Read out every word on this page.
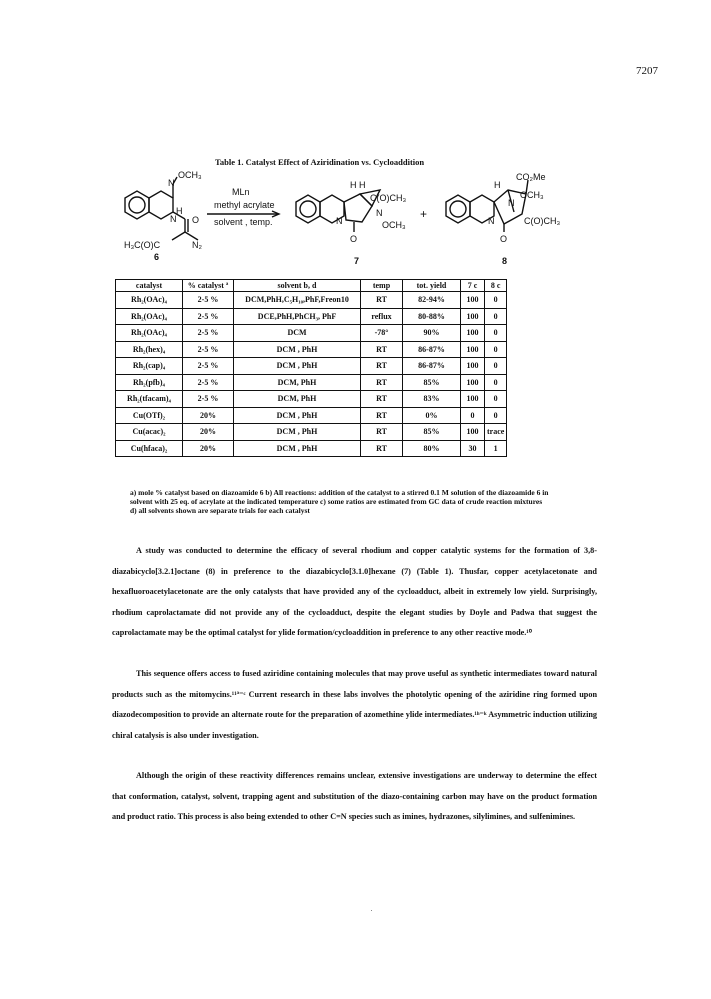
7207
Table 1. Catalyst Effect of Aziridination vs. Cycloaddition
OCH₃
N
H
O
N
H₃C(O)C	N₂
MLn
methyl acrylate
solvent , temp.
H H
C(O)CH₃
N
OCH₃
N
O
+
CO₂Me
H
OCH₃
N
N	C(O)CH₃
O
6	7	8
catalyst	% catalyst ª	solvent b, d	temp	tot. yield	7 c	8 c
Rh₂(OAc)₄	2-5 %	DCM,PhH,C₅H₁₀,PhF,Freon10	RT	82-94%	100	0
Rh₂(OAc)₄	2-5 %	DCE,PhH,PhCH₃, PhF	reflux	80-88%	100	0
Rh₂(OAc)₄	2-5 %	DCM	-78°	90%	100	0
Rh₂(hex)₄	2-5 %	DCM , PhH	RT	86-87%	100	0
Rh₂(cap)₄	2-5 %	DCM , PhH	RT	86-87%	100	0
Rh₂(pfb)₄	2-5 %	DCM, PhH	RT	85%	100	0
Rh₂(tfacam)₄	2-5 %	DCM, PhH	RT	83%	100	0
Cu(OTf)₂	20%	DCM , PhH	RT	0%	0	0
Cu(acac)₂	20%	DCM , PhH	RT	85%	100	trace
Cu(hfaca)₂	20%	DCM , PhH	RT	80%	30	1
a) mole % catalyst based on diazoamide 6 b) All reactions: addition of the catalyst to a stirred 0.1 M solution of the diazoamide 6 in solvent with 25 eq. of acrylate at the indicated temperature c) some ratios are estimated from GC data of crude reaction mixtures d) all solvents shown are separate trials for each catalyst

A study was conducted to determine the efficacy of several rhodium and copper catalytic systems for the formation of 3,8-diazabicyclo[3.2.1]octane (8) in preference to the diazabicyclo[3.1.0]hexane (7) (Table 1). Thusfar, copper acetylacetonate and hexafluoroacetylacetonate are the only catalysts that have provided any of the cycloadduct, albeit in extremely low yield. Surprisingly, rhodium caprolactamate did not provide any of the cycloadduct, despite the elegant studies by Doyle and Padwa that suggest the caprolactamate may be the optimal catalyst for ylide formation/cycloaddition in preference to any other reactive mode.¹⁰

This sequence offers access to fused aziridine containing molecules that may prove useful as synthetic intermediates toward natural products such as the mitomycins.¹¹ª⁻ᶜ Current research in these labs involves the photolytic opening of the aziridine ring formed upon diazodecomposition to provide an alternate route for the preparation of azomethine ylide intermediates.¹ʰ⁻ᵏ Asymmetric induction utilizing chiral catalysis is also under investigation.

Although the origin of these reactivity differences remains unclear, extensive investigations are underway to determine the effect that conformation, catalyst, solvent, trapping agent and substitution of the diazo-containing carbon may have on the product formation and product ratio. This process is also being extended to other C=N species such as imines, hydrazones, silylimines, and sulfenimines.
